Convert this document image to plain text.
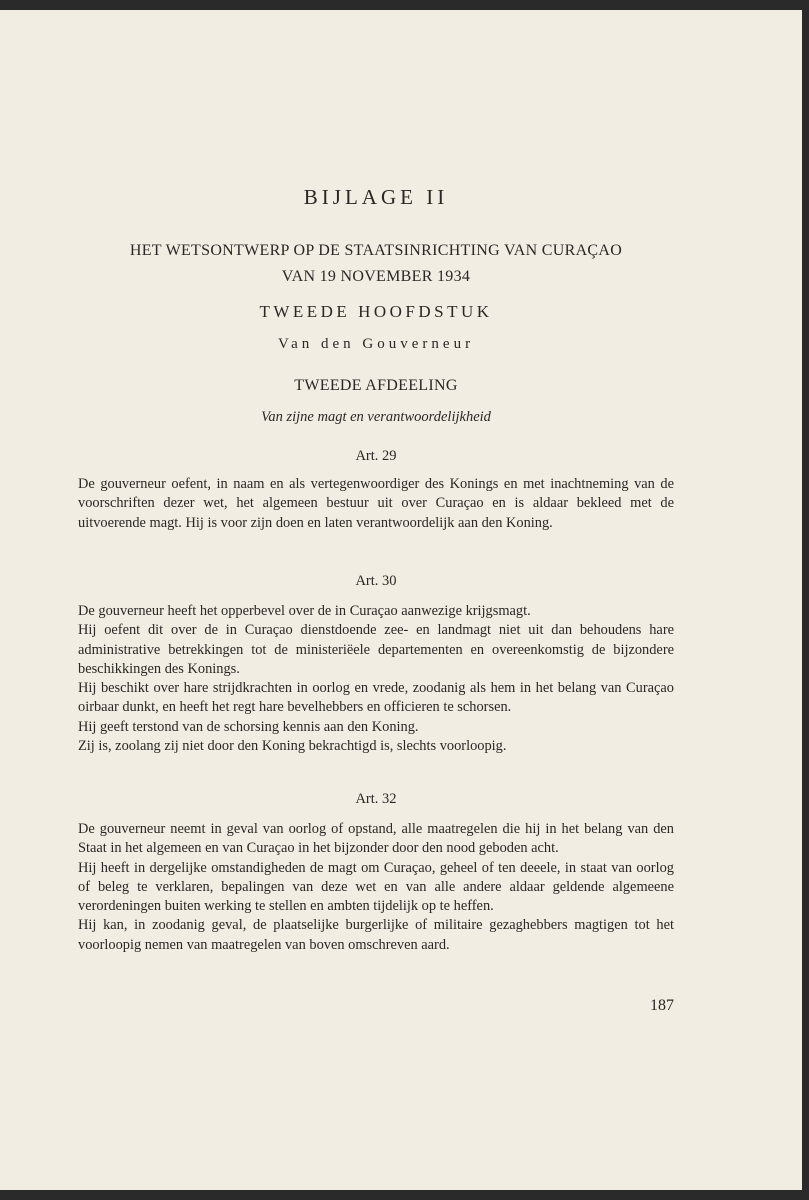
BIJLAGE II
HET WETSONTWERP OP DE STAATSINRICHTING VAN CURAÇAO
VAN 19 NOVEMBER 1934
TWEEDE HOOFDSTUK
Van den Gouverneur
TWEEDE AFDEELING
Van zijne magt en verantwoordelijkheid
Art. 29

De gouverneur oefent, in naam en als vertegenwoordiger des Konings en met inachtneming van de voorschriften dezer wet, het algemeen bestuur uit over Curaçao en is aldaar bekleed met de uitvoerende magt. Hij is voor zijn doen en laten verantwoordelijk aan den Koning.

Art. 30

De gouverneur heeft het opperbevel over de in Curaçao aanwezige krijgsmagt.

Hij oefent dit over de in Curaçao dienstdoende zee- en landmagt niet uit dan behoudens hare administrative betrekkingen tot de ministeriëele departementen en overeenkomstig de bijzondere beschikkingen des Konings.

Hij beschikt over hare strijdkrachten in oorlog en vrede, zoodanig als hem in het belang van Curaçao oirbaar dunkt, en heeft het regt hare bevelhebbers en officieren te schorsen.

Hij geeft terstond van de schorsing kennis aan den Koning.

Zij is, zoolang zij niet door den Koning bekrachtigd is, slechts voorloopig.

Art. 32

De gouverneur neemt in geval van oorlog of opstand, alle maatregelen die hij in het belang van den Staat in het algemeen en van Curaçao in het bijzonder door den nood geboden acht.

Hij heeft in dergelijke omstandigheden de magt om Curaçao, geheel of ten deeele, in staat van oorlog of beleg te verklaren, bepalingen van deze wet en van alle andere aldaar geldende algemeene verordeningen buiten werking te stellen en ambten tijdelijk op te heffen.

Hij kan, in zoodanig geval, de plaatselijke burgerlijke of militaire gezaghebbers magtigen tot het voorloopig nemen van maatregelen van boven omschreven aard.

187
